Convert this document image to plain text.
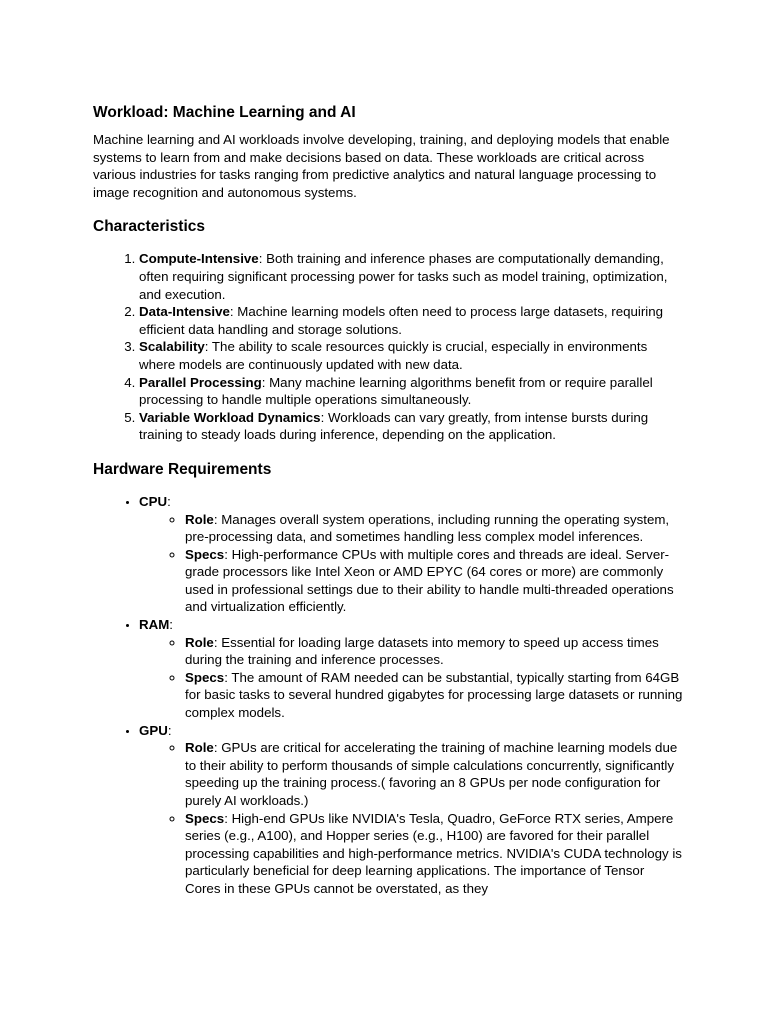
Workload: Machine Learning and AI

Machine learning and AI workloads involve developing, training, and deploying models that enable systems to learn from and make decisions based on data. These workloads are critical across various industries for tasks ranging from predictive analytics and natural language processing to image recognition and autonomous systems.

Characteristics
1. Compute-Intensive: Both training and inference phases are computationally demanding, often requiring significant processing power for tasks such as model training, optimization, and execution.
2. Data-Intensive: Machine learning models often need to process large datasets, requiring efficient data handling and storage solutions.
3. Scalability: The ability to scale resources quickly is crucial, especially in environments where models are continuously updated with new data.
4. Parallel Processing: Many machine learning algorithms benefit from or require parallel processing to handle multiple operations simultaneously.
5. Variable Workload Dynamics: Workloads can vary greatly, from intense bursts during training to steady loads during inference, depending on the application.
Hardware Requirements
• CPU:
◦ Role: Manages overall system operations, including running the operating system, pre-processing data, and sometimes handling less complex model inferences.
◦ Specs: High-performance CPUs with multiple cores and threads are ideal. Server-grade processors like Intel Xeon or AMD EPYC (64 cores or more) are commonly used in professional settings due to their ability to handle multi-threaded operations and virtualization efficiently.
• RAM:
◦ Role: Essential for loading large datasets into memory to speed up access times during the training and inference processes.
◦ Specs: The amount of RAM needed can be substantial, typically starting from 64GB for basic tasks to several hundred gigabytes for processing large datasets or running complex models.
• GPU:
◦ Role: GPUs are critical for accelerating the training of machine learning models due to their ability to perform thousands of simple calculations concurrently, significantly speeding up the training process.( favoring an 8 GPUs per node configuration for purely AI workloads.)
◦ Specs: High-end GPUs like NVIDIA's Tesla, Quadro, GeForce RTX series, Ampere series (e.g., A100), and Hopper series (e.g., H100) are favored for their parallel processing capabilities and high-performance metrics. NVIDIA's CUDA technology is particularly beneficial for deep learning applications. The importance of Tensor Cores in these GPUs cannot be overstated, as they
